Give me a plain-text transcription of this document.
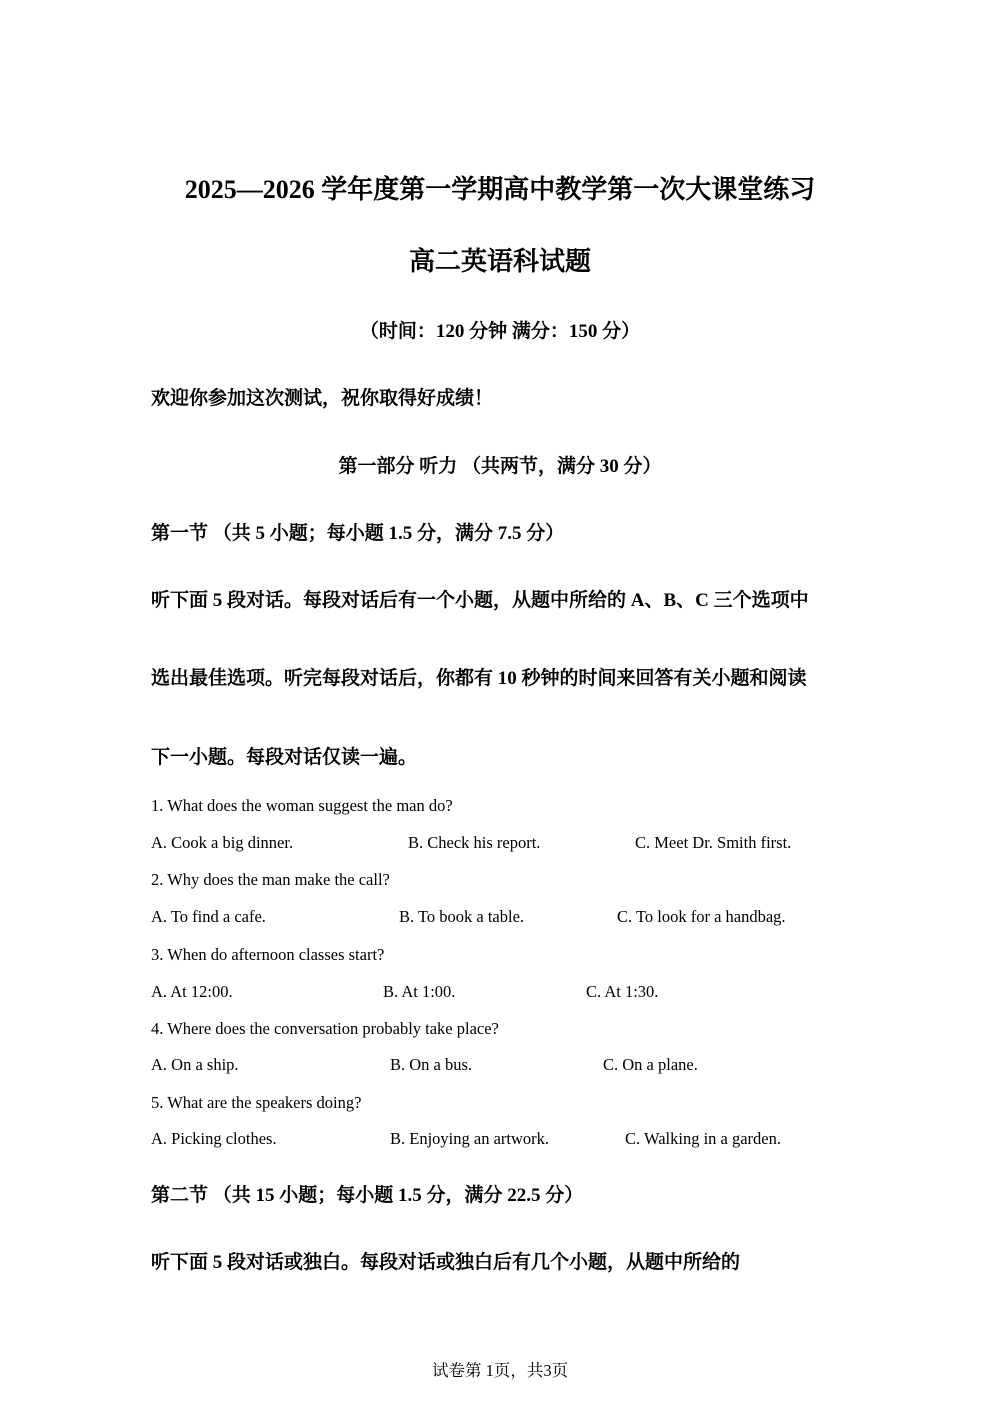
2025—2026 学年度第一学期高中教学第一次大课堂练习
高二英语科试题
（时间：120 分钟 满分：150 分）
欢迎你参加这次测试，祝你取得好成绩！
第一部分 听力 （共两节，满分 30 分）
第一节 （共 5 小题；每小题 1.5 分，满分 7.5 分）
听下面 5 段对话。每段对话后有一个小题，从题中所给的 A、B、C 三个选项中
选出最佳选项。听完每段对话后，你都有 10 秒钟的时间来回答有关小题和阅读
下一小题。每段对话仅读一遍。
1. What does the woman suggest the man do?
A. Cook a big dinner.	B. Check his report.	C. Meet Dr. Smith first.
2. Why does the man make the call?
A. To find a cafe.	B. To book a table.	C. To look for a handbag.
3. When do afternoon classes start?
A. At 12:00.	B. At 1:00.	C. At 1:30.
4. Where does the conversation probably take place?
A. On a ship.	B. On a bus.	C. On a plane.
5. What are the speakers doing?
A. Picking clothes.	B. Enjoying an artwork.	C. Walking in a garden.
第二节 （共 15 小题；每小题 1.5 分，满分 22.5 分）
听下面 5 段对话或独白。每段对话或独白后有几个小题，从题中所给的
试卷第 1页，共3页
